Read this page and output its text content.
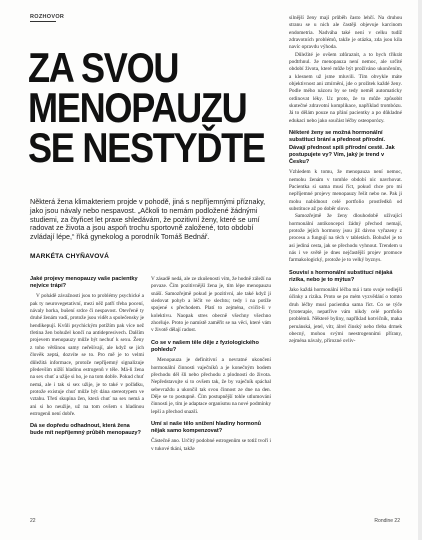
ROZHOVOR
ZA SVOU
MENOPAUZU
SE NESTYĎTE
Některá žena klimakteriem projde v pohodě, jiná s nepříjemnými příznaky, jako jsou návaly nebo nespavost. „Ačkoli to nemám podložené žádnými studiemi, za čtyřicet let praxe shledávám, že pozitivní ženy, které se umí radovat ze života a jsou aspoň trochu sportovně založené, toto období zvládají lépe,“ říká gynekolog a porodník Tomáš Bednář.
MARKÉTA CHYŇAVOVÁ
Jaké projevy menopauzy vaše pacientky nejvíce trápí?

V pohádě závažnosti jsou to problémy psychické a pak ty neurovegetativní, mezi něž patří třeba pocení, návaly horka, bušení srdce či nespavost. Otevřeně ty druhé ženám vadí, protože jsou vidět a společensky je hendikepují. Kvůli psychickým potížím pak více než třetina žen bohužel končí na antidepresivech. Dalším projevem menopauzy může být nechuť k sexu. Ženy z toho většinou samy neřešívají, ale když se jich člověk zeptá, dozvíte se to. Pro mě je to velmi důležitá informace, protože nepříjemný signalizuje především nižší hladinu estrogenů v těle. Má-li žena na sex chuť a užije si ho, je na tom dobře. Pokud chuť nemá, ale i tak si sex užije, je to také v pořádku, protože existuje chuť může být dána stereotypem ve vztahu. Třetí skupina žen, která chuť na sex nemá a ani si ho neužije, už na tom ovšem s hladinou estrogenů není dobře.

Dá se dopředu odhadnout, která žena bude mít nepříjemný průběh menopauzy?

V zásadě nedá, ale ze zkušenosti vím, že hodně záleží na povaze. Čím pozitivnější žena je, tím lépe menopauzu snáší. Samozřejmě pokud je pozitivní, ale také když ji sledovat pohyb a léčit ve slechtu; tedy i na potíže spojené s přechodem. Platí to zejména, cvičit-li v kolektivu. Naopak stres obecně všechny všechno zhoršuje. Proto je namístě zaměřit se na věci, které vám v životě dělají radost.

Co se v našem těle děje z fyziologického pohledu?

Menopauza je definitivní a nevratné ukončení hormonální činnosti vaječníků a je konečným bodem přechodu děl šli nebo přechodu z plodnosti do života. Nepředstavujte si to ovšem tak, že by vaječník spáchal sebevraždu a ukončil tak svou činnost ze dne na den. Děje se to postupně. Čím postupnější tohle utlumování činnosti je, tím je adaptace organismu na nové podmínky lepší a přechod snazší.

Umí si naše tělo snížení hladiny hormonů nějak samo kompenzovat?

Částečně ano. Určitý podobné estrogenům se totiž tvoří i v tukové tkáni, takže

silnější ženy mají průběh často lehčí. Na druhou stranu se u nich ale častěji objevuje karcinom endometria. Nadváha také není v celku tudíž zdravotních problémů, takže je otázka, zda jsou kila navíc opravdu výhoda.

Důležité je ovšem zdůraznit, a to bych třikrát podtrhnul. že menopauza není nemoc, ale určité období života, které může být prožíváno ukončením, a klesnem už jsme mluvili. Tím obvykle máte objektivnost ani zmírnění, jde o prožitek každé ženy. Podle mého názoru by se tedy neměl automaticky ordinovat léky. Uz proto, že to může způsobit skutečné zdravotní komplikace, například trombózu. Já to dělám pouze na přání pacientky a po důkladné edukaci nebo jako součást léčby osteoporózy.

Některé ženy se možná hormonální substituci brání a přednost přírodní. Dávají přednost spíš přírodní cestě. Jak postupujete vy? Vím, jaký je trend v Česku?

Vzhledem k tomu, že menopauza není nemoc, nemohu ženám v tomhle období nic navrhovat. Pacientka si sama musí říct, pokud chce pro mi nepříjemné projevy menopauzy řešit nebo ne. Pak ji mohu nabídnout celé portfolio prostředků od substituce až po doběr slovo.

Samozřejmě že ženy dlouhodobě užívající hormonální antikoncepci žádný přechod nemají, protože jejich hormony jsou již dávno vyřazeny z procesu a fungují na těch v tabletách. Bohužel je to asi jediná cesta, jak se přechodu vyhnout. Trendem u nás i ve světě je dnes nejčastější projev promoce farmakologický, protože je to velký byznys.

Souvisí s hormonální substitucí nějaká rizika, nebo je to mýtus?

Jako každá hormonální léčba má i tato svoje vedlejší účinky a rizika. Proto se po mém vyzvědání o tomto druh léčby musí pacientka sama říct. Co se týče fytoterapie, nepatřive vám nikdy celé portfolio problémů. Některé byliny, například kotvičník, maka peruánská, jetel, vítr, álrel činský nebo třeba drmek obecný, mohou svými neestrogenními přírany, zejména návaly, přírozné ovliv-

22	Rondine 22
